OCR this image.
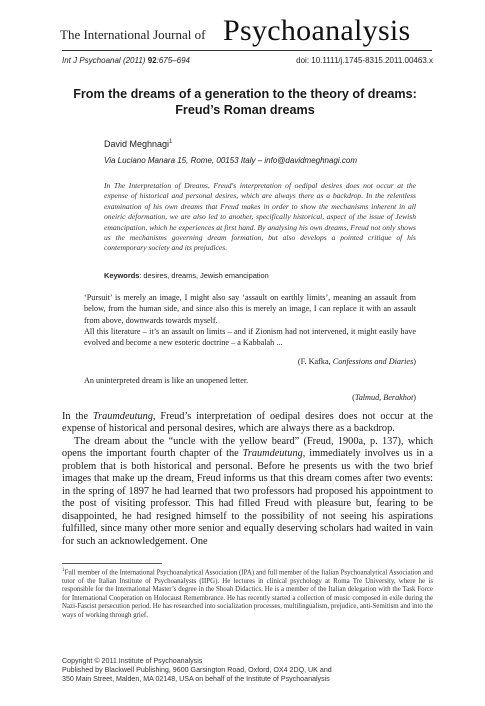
The International Journal of Psychoanalysis
Int J Psychoanal (2011) 92:675–694	doi: 10.1111/j.1745-8315.2011.00463.x
From the dreams of a generation to the theory of dreams: Freud’s Roman dreams
David Meghnagi$^1$
Via Luciano Manara 15, Rome, 00153 Italy – info@davidmeghnagi.com
In The Interpretation of Dreams, Freud's interpretation of oedipal desires does not occur at the expense of historical and personal desires, which are always there as a backdrop. In the relentless examination of his own dreams that Freud makes in order to show the mechanisms inherent in all oneiric deformation, we are also led to another, specifically historical, aspect of the issue of Jewish emancipation, which he experiences at first hand. By analysing his own dreams, Freud not only shows us the mechanisms governing dream formation, but also develops a pointed critique of his contemporary society and its prejudices.
Keywords: desires, dreams, Jewish emancipation
‘Pursuit’ is merely an image, I might also say ‘assault on earthly limits’, meaning an assault from below, from the human side, and since also this is merely an image, I can replace it with an assault from above, downwards towards myself.
All this literature – it’s an assault on limits – and if Zionism had not intervened, it might easily have evolved and become a new esoteric doctrine – a Kabbalah ...
(F. Kafka, Confessions and Diaries)
An uninterpreted dream is like an unopened letter.
(Talmud, Berakhot)

In the Traumdeutung, Freud’s interpretation of oedipal desires does not occur at the expense of historical and personal desires, which are always there as a backdrop.

The dream about the “uncle with the yellow beard” (Freud, 1900a, p. 137), which opens the important fourth chapter of the Traumdeutung, immediately involves us in a problem that is both historical and personal. Before he presents us with the two brief images that make up the dream, Freud informs us that this dream comes after two events: in the spring of 1897 he had learned that two professors had proposed his appointment to the post of visiting professor. This had filled Freud with pleasure but, fearing to be disappointed, he had resigned himself to the possibility of not seeing his aspirations fulfilled, since many other more senior and equally deserving scholars had waited in vain for such an acknowledgement. One

$^1$Full member of the International Psychoanalytical Association (IPA) and full member of the Italian Psychoanalytical Association and tutor of the Italian Institute of Psychoanalysts (IIPG). He lectures in clinical psychology at Roma Tre University, where he is responsible for the International Master’s degree in the Shoah Didactics. He is a member of the Italian delegation with the Task Force for International Cooperation on Holocaust Remembrance. He has recently started a collection of music composed in exile during the Nazi-Fascist persecution period. He has researched into socialization processes, multilingualism, prejudice, anti-Semitism and into the ways of working through grief.
Copyright © 2011 Institute of Psychoanalysis
Published by Blackwell Publishing, 9600 Garsington Road, Oxford, OX4 2DQ, UK and
350 Main Street, Malden, MA 02148, USA on behalf of the Institute of Psychoanalysis
